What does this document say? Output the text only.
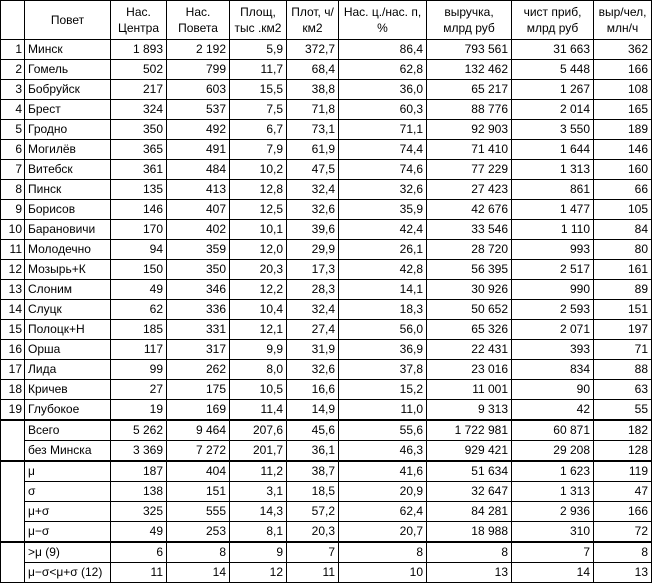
	Повет	Нас. Центра	Нас. Повета	Площ, тыс .км2	Плот, ч/км2	Нас. ц./нас. п, %	выручка, млрд руб	чист приб, млрд руб	выр/чел, млн/ч
1	Минск	1 893	2 192	5,9	372,7	86,4	793 561	31 663	362
2	Гомель	502	799	11,7	68,4	62,8	132 462	5 448	166
3	Бобруйск	217	603	15,5	38,8	36,0	65 217	1 267	108
4	Брест	324	537	7,5	71,8	60,3	88 776	2 014	165
5	Гродно	350	492	6,7	73,1	71,1	92 903	3 550	189
6	Могилёв	365	491	7,9	61,9	74,4	71 410	1 644	146
7	Витебск	361	484	10,2	47,5	74,6	77 229	1 313	160
8	Пинск	135	413	12,8	32,4	32,6	27 423	861	66
9	Борисов	146	407	12,5	32,6	35,9	42 676	1 477	105
10	Барановичи	170	402	10,1	39,6	42,4	33 546	1 110	84
11	Молодечно	94	359	12,0	29,9	26,1	28 720	993	80
12	Мозырь+К	150	350	20,3	17,3	42,8	56 395	2 517	161
13	Слоним	49	346	12,2	28,3	14,1	30 926	990	89
14	Слуцк	62	336	10,4	32,4	18,3	50 652	2 593	151
15	Полоцк+Н	185	331	12,1	27,4	56,0	65 326	2 071	197
16	Орша	117	317	9,9	31,9	36,9	22 431	393	71
17	Лида	99	262	8,0	32,6	37,8	23 016	834	88
18	Кричев	27	175	10,5	16,6	15,2	11 001	90	63
19	Глубокое	19	169	11,4	14,9	11,0	9 313	42	55
	Всего	5 262	9 464	207,6	45,6	55,6	1 722 981	60 871	182
	без Минска	3 369	7 272	201,7	36,1	46,3	929 421	29 208	128
	μ	187	404	11,2	38,7	41,6	51 634	1 623	119
	σ	138	151	3,1	18,5	20,9	32 647	1 313	47
	μ+σ	325	555	14,3	57,2	62,4	84 281	2 936	166
	μ−σ	49	253	8,1	20,3	20,7	18 988	310	72
	>μ (9)	6	8	9	7	8	8	7	8
	μ−σ<μ+σ (12)	11	14	12	11	10	13	14	13
